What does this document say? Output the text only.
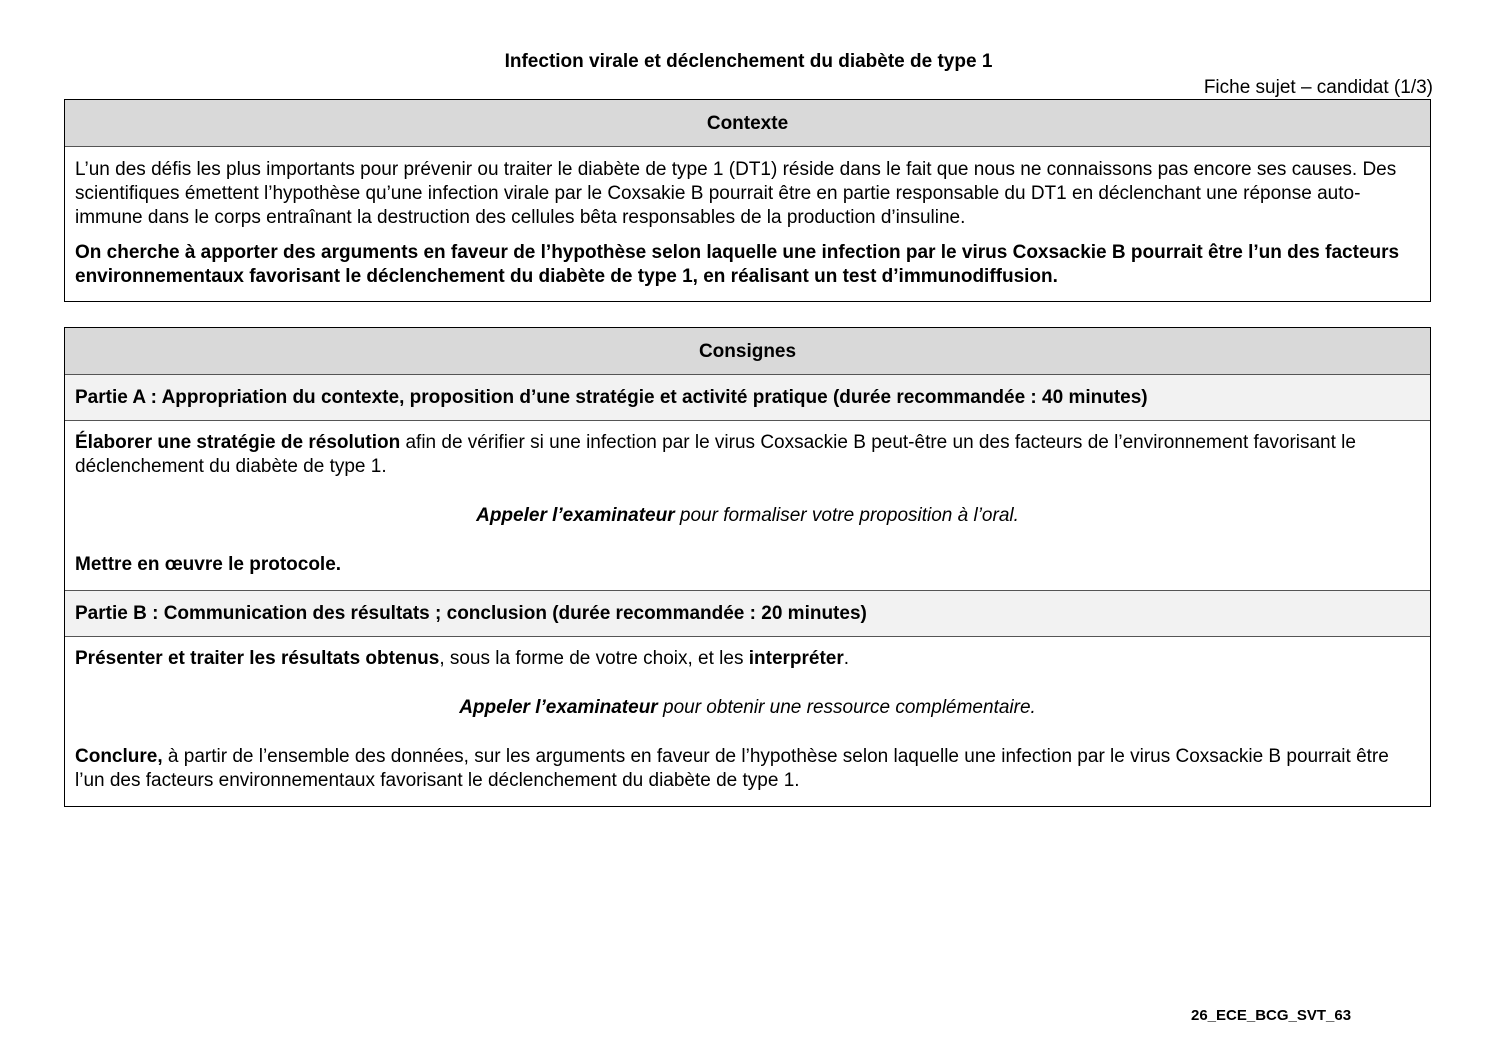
Infection virale et déclenchement du diabète de type 1
Fiche sujet – candidat (1/3)
Contexte
L’un des défis les plus importants pour prévenir ou traiter le diabète de type 1 (DT1) réside dans le fait que nous ne connaissons pas encore ses causes. Des scientifiques émettent l’hypothèse qu’une infection virale par le Coxsakie B pourrait être en partie responsable du DT1 en déclenchant une réponse auto-immune dans le corps entraînant la destruction des cellules bêta responsables de la production d’insuline.
On cherche à apporter des arguments en faveur de l’hypothèse selon laquelle une infection par le virus Coxsackie B pourrait être l’un des facteurs environnementaux favorisant le déclenchement du diabète de type 1, en réalisant un test d’immunodiffusion.
Consignes
Partie A : Appropriation du contexte, proposition d’une stratégie et activité pratique (durée recommandée : 40 minutes)
Élaborer une stratégie de résolution afin de vérifier si une infection par le virus Coxsackie B peut-être un des facteurs de l’environnement favorisant le déclenchement du diabète de type 1.
Appeler l’examinateur pour formaliser votre proposition à l’oral.
Mettre en œuvre le protocole.
Partie B : Communication des résultats ; conclusion (durée recommandée : 20 minutes)
Présenter et traiter les résultats obtenus, sous la forme de votre choix, et les interpréter.
Appeler l’examinateur pour obtenir une ressource complémentaire.
Conclure, à partir de l’ensemble des données, sur les arguments en faveur de l’hypothèse selon laquelle une infection par le virus Coxsackie B pourrait être l’un des facteurs environnementaux favorisant le déclenchement du diabète de type 1.
26_ECE_BCG_SVT_63
